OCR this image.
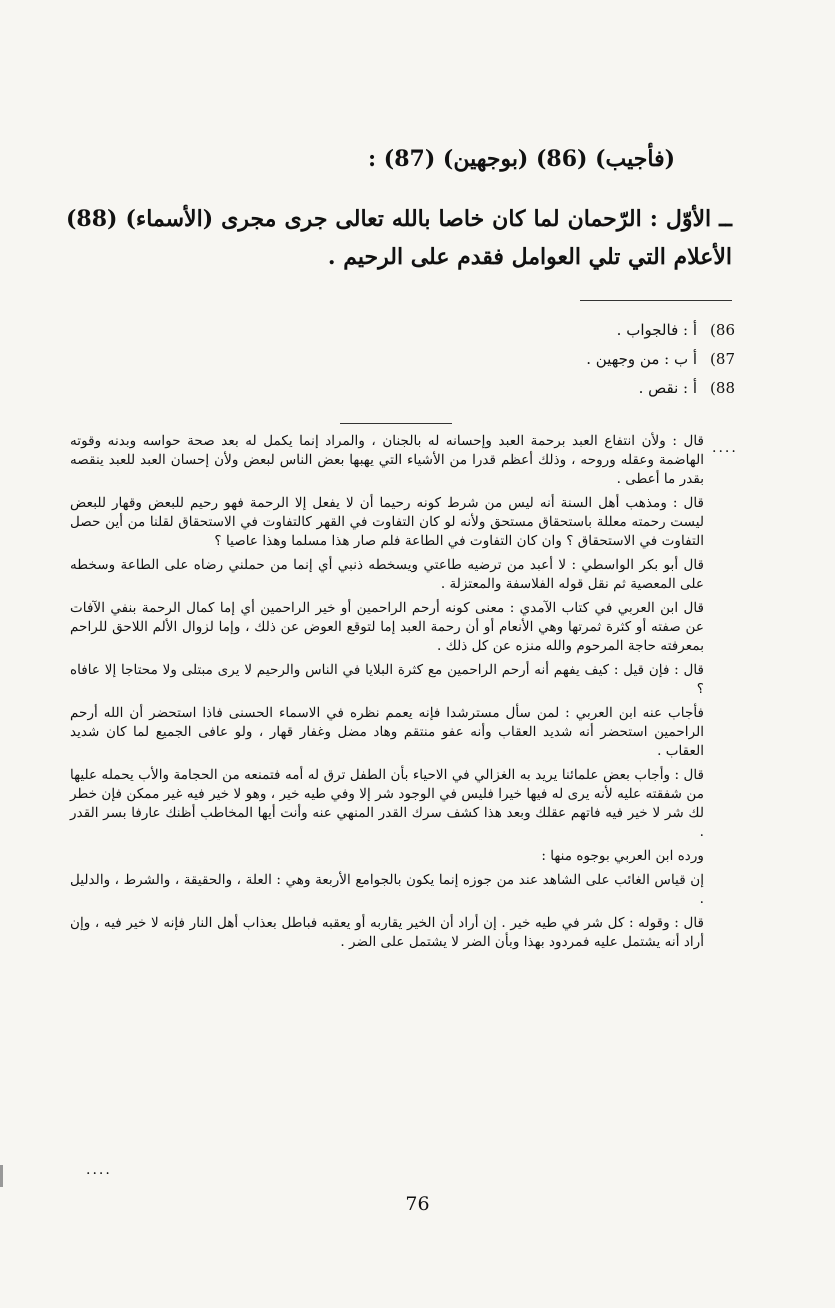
(فأجيب) (86) (بوجهين) (87) :
ــ الأوّل : الرّحمان لما كان خاصا بالله تعالى جرى مجرى (الأسماء) (88) الأعلام التي تلي العوامل فقدم على الرحيم .
(86
أ : فالجواب .
(87
أ ب : من وجهين .
(88
أ : نقص .
....

قال : ولأن انتفاع العبد برحمة العبد وإحسانه له بالجنان ، والمراد إنما يكمل له بعد صحة حواسه وبدنه وقوته الهاضمة وعقله وروحه ، وذلك أعظم قدرا من الأشياء التي يهبها بعض الناس لبعض ولأن إحسان العبد للعبد ينقصه بقدر ما أعطى .

قال : ومذهب أهل السنة أنه ليس من شرط كونه رحيما أن لا يفعل إلا الرحمة فهو رحيم للبعض وقهار للبعض ليست رحمته معللة باستحقاق مستحق ولأنه لو كان التفاوت في القهر كالتفاوت في الاستحقاق لقلنا من أين حصل التفاوت في الاستحقاق ؟ وان كان التفاوت في الطاعة فلم صار هذا مسلما وهذا عاصيا ؟

قال أبو بكر الواسطي : لا أعبد من ترضيه طاعتي ويسخطه ذنبي أي إنما من حملني رضاه على الطاعة وسخطه على المعصية ثم نقل قوله الفلاسفة والمعتزلة .

قال ابن العربي في كتاب الآمدي : معنى كونه أرحم الراحمين أو خير الراحمين أي إما كمال الرحمة بنفي الآفات عن صفته أو كثرة ثمرتها وهي الأنعام أو أن رحمة العبد إما لتوقع العوض عن ذلك ، وإما لزوال الألم اللاحق للراحم بمعرفته حاجة المرحوم والله منزه عن كل ذلك .

قال : فإن قيل : كيف يفهم أنه أرحم الراحمين مع كثرة البلايا في الناس والرحيم لا يرى مبتلى ولا محتاجا إلا عافاه ؟

فأجاب عنه ابن العربي : لمن سأل مسترشدا فإنه يعمم نظره في الاسماء الحسنى فاذا استحضر أن الله أرحم الراحمين استحضر أنه شديد العقاب وأنه عفو منتقم وهاد مضل وغفار قهار ، ولو عافى الجميع لما كان شديد العقاب .

قال : وأجاب بعض علمائنا يريد به الغزالي في الاحياء بأن الطفل ترق له أمه فتمنعه من الحجامة والأب يحمله عليها من شفقته عليه لأنه يرى له فيها خيرا فليس في الوجود شر إلا وفي طيه خير ، وهو لا خير فيه غير ممكن فإن خطر لك شر لا خير فيه فاتهم عقلك وبعد هذا كشف سرك القدر المنهي عنه وأنت أيها المخاطب أظنك عارفا بسر القدر .

ورده ابن العربي بوجوه منها :

إن قياس الغائب على الشاهد عند من جوزه إنما يكون بالجوامع الأربعة وهي : العلة ، والحقيقة ، والشرط ، والدليل .

قال : وقوله : كل شر في طيه خير . إن أراد أن الخير يقاربه أو يعقبه فباطل بعذاب أهل النار فإنه لا خير فيه ، وإن أراد أنه يشتمل عليه فمردود بهذا وبأن الضر لا يشتمل على الضر .

....
76
